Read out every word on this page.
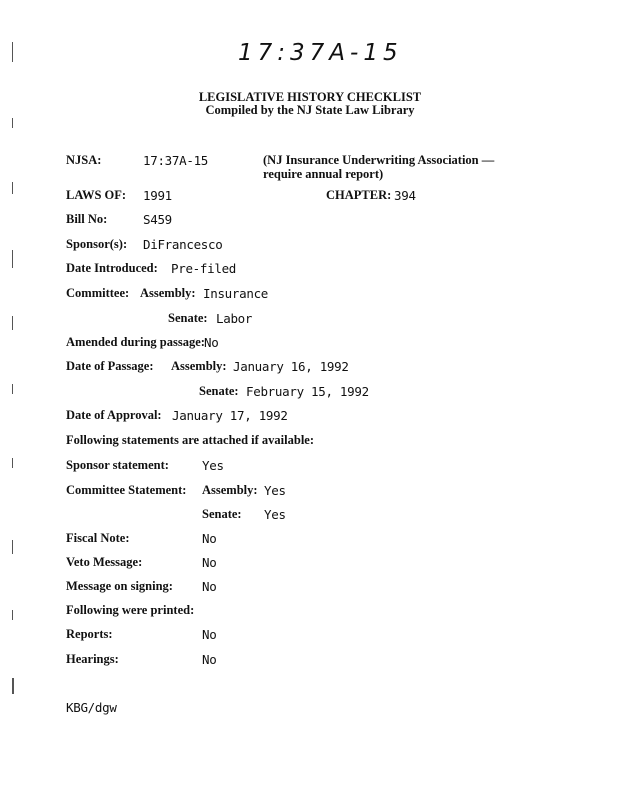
17:37A-15
LEGISLATIVE HISTORY CHECKLIST
Compiled by the NJ State Law Library
NJSA:	17:37A-15	(NJ Insurance Underwriting Association — require annual report)
LAWS OF: 1991	CHAPTER: 394
Bill No:	S459
Sponsor(s): DiFrancesco
Date Introduced: Pre-filed
Committee: Assembly: Insurance
Senate: Labor
Amended during passage: No
Date of Passage: Assembly: January 16, 1992
Senate: February 15, 1992
Date of Approval: January 17, 1992
Following statements are attached if available:
Sponsor statement:	Yes
Committee Statement: Assembly: Yes
Senate: Yes
Fiscal Note:	No
Veto Message:	No
Message on signing: No
Following were printed:
Reports:	No
Hearings:	No
KBG/dgw
